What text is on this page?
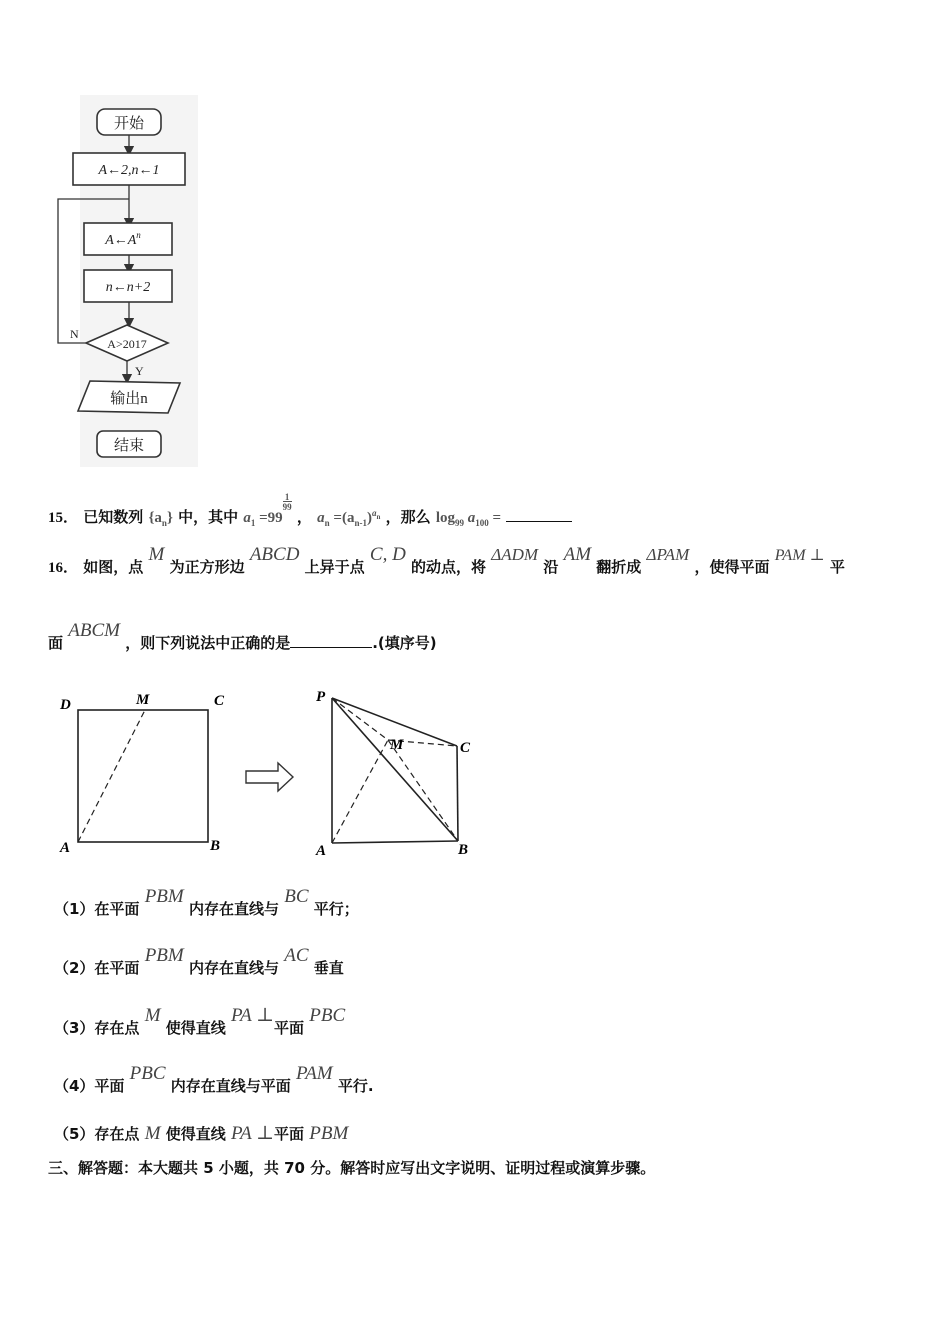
开始
A←2,n←1
$A\leftarrow A^n$
n←n+2
A>2017
N
Y
输出n
结束
15． 已知数列 $\{a_n\}$ 中，其中 $a_1 =99\frac{1}{99}$ ， $a_n =(a_{n-1})^{a_n}$ ，那么 $\log_{99} a_{100}$ =
16． 如图，点 M 为正方形边 ABCD 上异于点 C, D 的动点，将 ΔADM 沿 AM 翻折成 ΔPAM ，使得平面 PAM ⊥ 平
面 ABCM ，则下列说法中正确的是	.(填序号)
D	M	C
A	B
P
M	C
A	B
（1）在平面 PBM 内存在直线与 BC 平行；
（2）在平面 PBM 内存在直线与 AC 垂直
（3）存在点 M 使得直线 PA ⊥平面 PBC
（4）平面 PBC 内存在直线与平面 PAM 平行.
（5）存在点 M 使得直线 PA ⊥平面 PBM
三、解答题：本大题共 5 小题，共 70 分。解答时应写出文字说明、证明过程或演算步骤。
